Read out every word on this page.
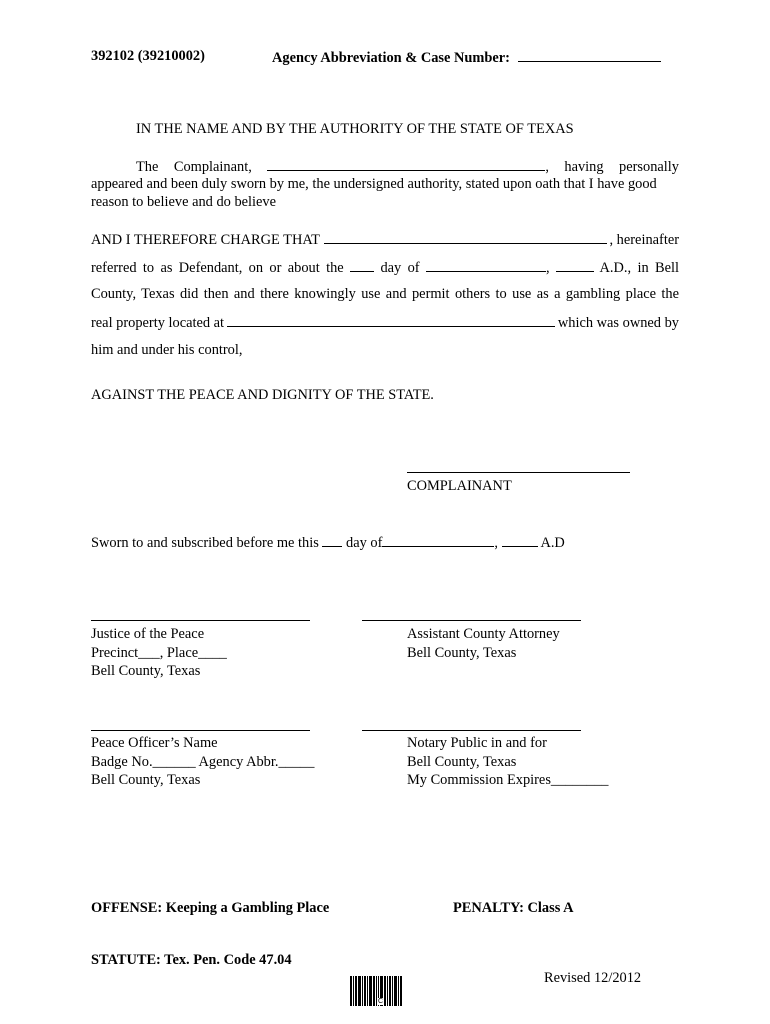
392102 (39210002)	Agency Abbreviation & Case Number:
IN THE NAME AND BY THE AUTHORITY OF THE STATE OF TEXAS
The Complainant,	, having personally
appeared and been duly sworn by me, the undersigned authority, stated upon oath that I have good
reason to believe and do believe
AND I THEREFORE CHARGE THAT	, hereinafter
referred to as Defendant, on or about the	day of	,	A.D., in Bell
County, Texas did then and there knowingly use and permit others to use as a gambling place the
real property located at	which was owned by
him and under his control,
AGAINST THE PEACE AND DIGNITY OF THE STATE.
COMPLAINANT
Sworn to and subscribed before me this day of	,	A.D
Justice of the Peace
Precinct___, Place____
Bell County, Texas
Assistant County Attorney
Bell County, Texas
Peace Officer’s Name
Badge No.______ Agency Abbr._____
Bell County, Texas
Notary Public in and for
Bell County, Texas
My Commission Expires________
OFFENSE: Keeping a Gambling Place	PENALTY: Class A
STATUTE: Tex. Pen. Code 47.04
Revised 12/2012
C
